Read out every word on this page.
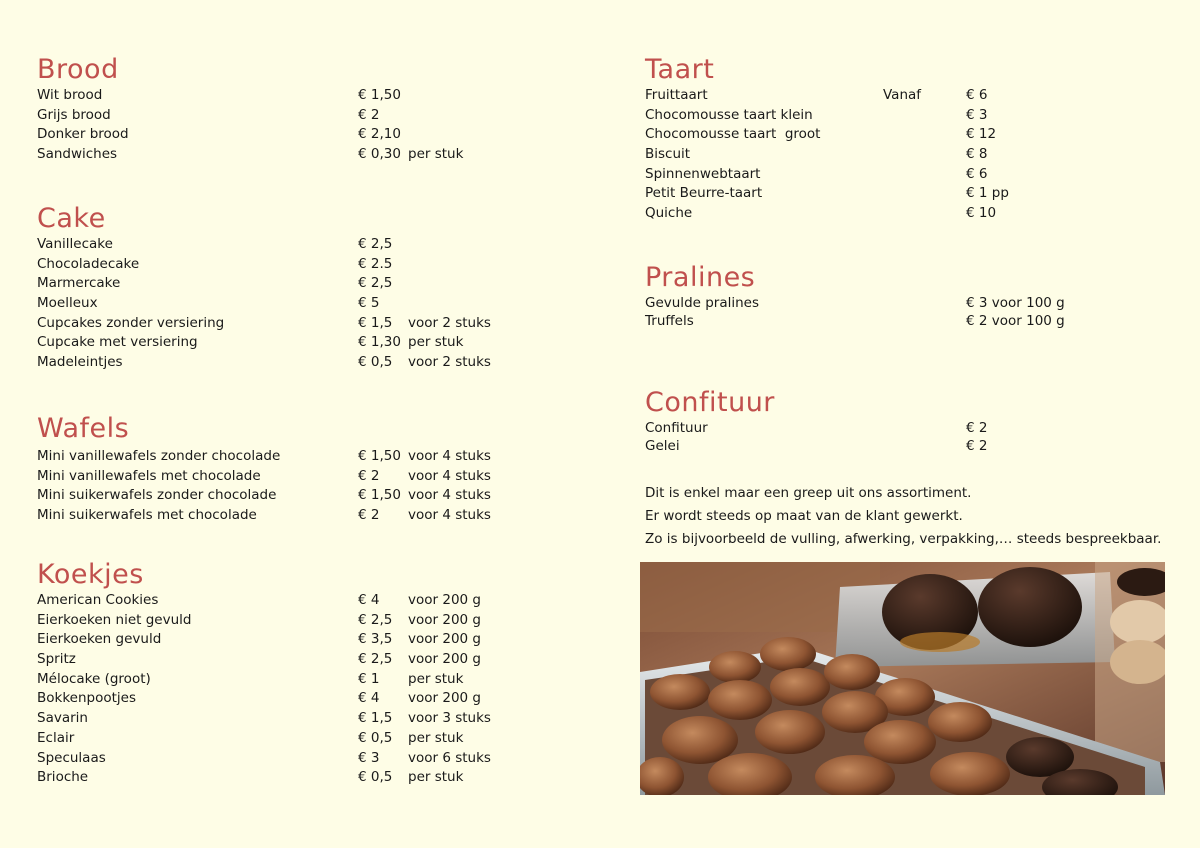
Brood
Wit brood	€ 1,50
Grijs brood	€ 2
Donker brood	€ 2,10
Sandwiches	€ 0,30 per stuk
Cake
Vanillecake	€ 2,5
Chocoladecake	€ 2.5
Marmercake	€ 2,5
Moelleux	€ 5
Cupcakes zonder versiering	€ 1,5 voor 2 stuks
Cupcake met versiering	€ 1,30 per stuk
Madeleintjes	€ 0,5 voor 2 stuks
Wafels
Mini vanillewafels zonder chocolade	€ 1,50 voor 4 stuks
Mini vanillewafels met chocolade	€ 2 voor 4 stuks
Mini suikerwafels zonder chocolade	€ 1,50 voor 4 stuks
Mini suikerwafels met chocolade	€ 2 voor 4 stuks
Koekjes
American Cookies	€ 4 voor 200 g
Eierkoeken niet gevuld	€ 2,5 voor 200 g
Eierkoeken gevuld	€ 3,5 voor 200 g
Spritz	€ 2,5 voor 200 g
Mélocake (groot)	€ 1 per stuk
Bokkenpootjes	€ 4 voor 200 g
Savarin	€ 1,5 voor 3 stuks
Eclair	€ 0,5 per stuk
Speculaas	€ 3 voor 6 stuks
Brioche	€ 0,5 per stuk
Taart
Fruittaart	Vanaf	€ 6
Chocomousse taart klein	€ 3
Chocomousse taart  groot	€ 12
Biscuit	€ 8
Spinnenwebtaart	€ 6
Petit Beurre-taart	€ 1 pp
Quiche	€ 10
Pralines
Gevulde pralines	€ 3 voor 100 g
Truffels	€ 2 voor 100 g
Confituur
Confituur	€ 2
Gelei	€ 2
Dit is enkel maar een greep uit ons assortiment.
Er wordt steeds op maat van de klant gewerkt.
Zo is bijvoorbeeld de vulling, afwerking, verpakking,… steeds bespreekbaar.
